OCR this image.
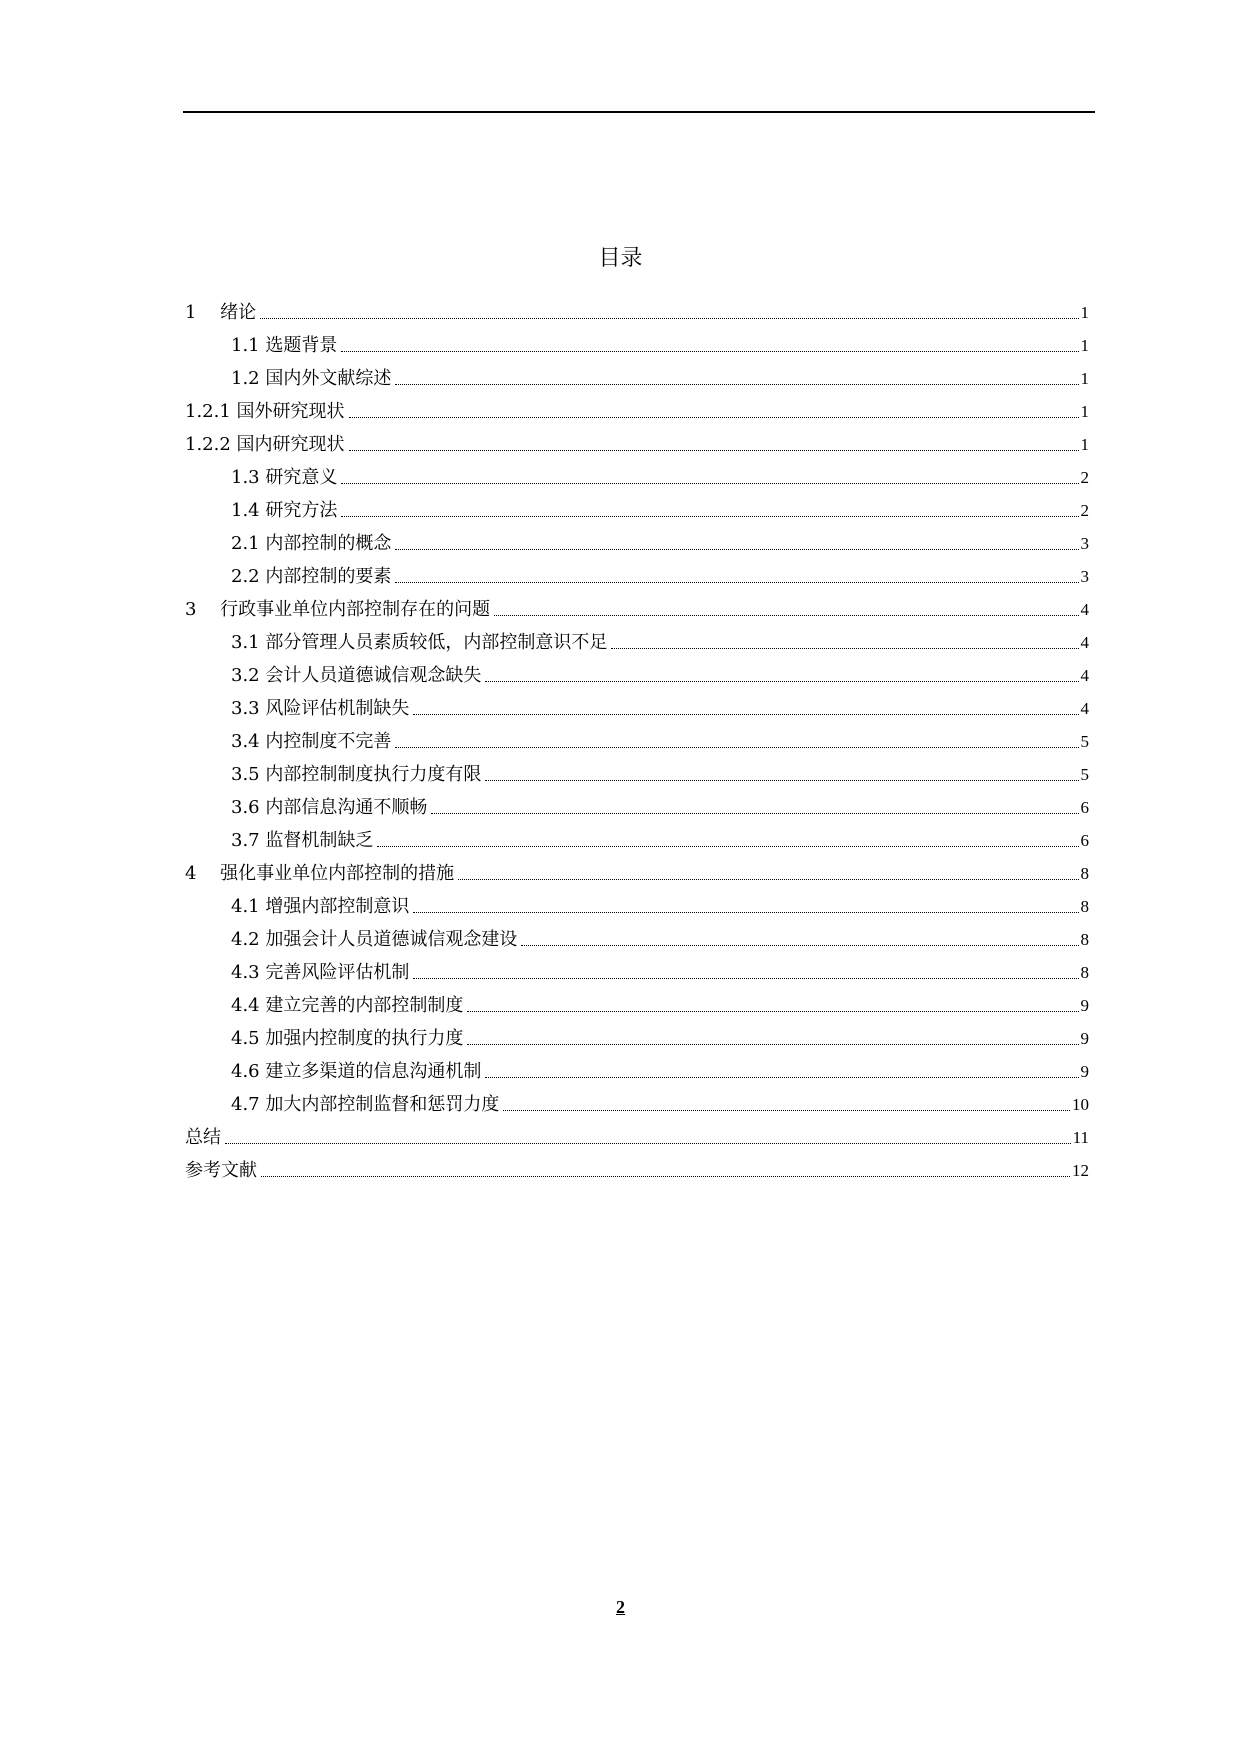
目录
1　 绪论	1
1.1 选题背景	1
1.2 国内外文献综述	1
1.2.1 国外研究现状	1
1.2.2 国内研究现状	1
1.3 研究意义	2
1.4 研究方法	2
2.1 内部控制的概念	3
2.2 内部控制的要素	3
3　 行政事业单位内部控制存在的问题	4
3.1 部分管理人员素质较低，内部控制意识不足	4
3.2 会计人员道德诚信观念缺失	4
3.3 风险评估机制缺失	4
3.4 内控制度不完善	5
3.5 内部控制制度执行力度有限	5
3.6 内部信息沟通不顺畅	6
3.7 监督机制缺乏	6
4　 强化事业单位内部控制的措施	8
4.1 增强内部控制意识	8
4.2 加强会计人员道德诚信观念建设	8
4.3 完善风险评估机制	8
4.4 建立完善的内部控制制度	9
4.5 加强内控制度的执行力度	9
4.6 建立多渠道的信息沟通机制	9
4.7 加大内部控制监督和惩罚力度	10
总结	11
参考文献	12
2
